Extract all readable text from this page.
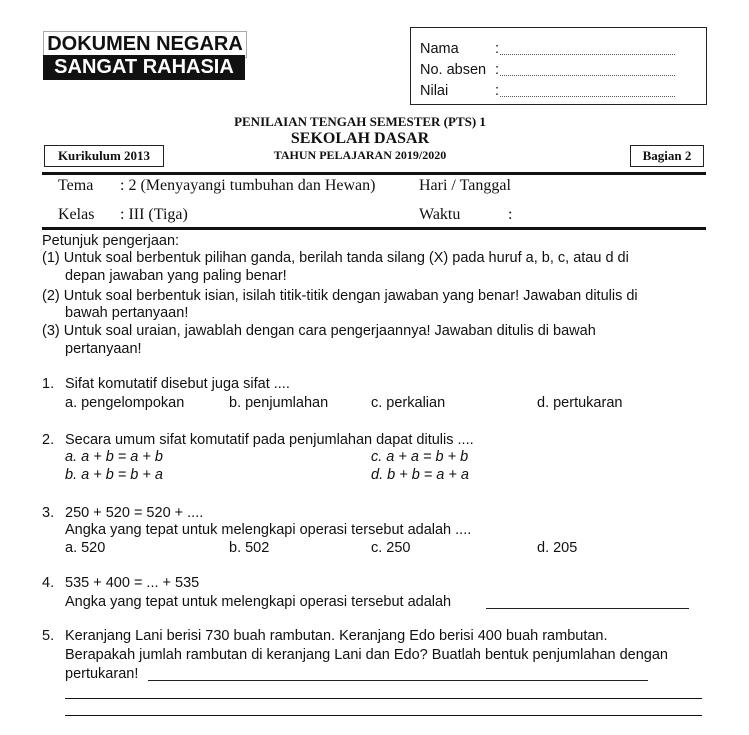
DOKUMEN NEGARA
SANGAT RAHASIA
Nama	:
No. absen :
Nilai	:
PENILAIAN TENGAH SEMESTER (PTS) 1
SEKOLAH DASAR
TAHUN PELAJARAN 2019/2020
Kurikulum 2013	Bagian 2
Tema : 2 (Menyayangi tumbuhan dan Hewan)	Hari / Tanggal
Kelas : III (Tiga)	Waktu	:
Petunjuk pengerjaan:
(1) Untuk soal berbentuk pilihan ganda, berilah tanda silang (X) pada huruf a, b, c, atau d di
depan jawaban yang paling benar!
(2) Untuk soal berbentuk isian, isilah titik-titik dengan jawaban yang benar! Jawaban ditulis di
bawah pertanyaan!
(3) Untuk soal uraian, jawablah dengan cara pengerjaannya! Jawaban ditulis di bawah
pertanyaan!
1. Sifat komutatif disebut juga sifat ....
a. pengelompokan	b. penjumlahan	c. perkalian	d. pertukaran
2. Secara umum sifat komutatif pada penjumlahan dapat ditulis ....
a. a + b = a + b	c. a + a = b + b
b. a + b = b + a	d. b + b = a + a
3. 250 + 520 = 520 + ....
Angka yang tepat untuk melengkapi operasi tersebut adalah ....
a. 520	b. 502	c. 250	d. 205
4. 535 + 400 = ... + 535
Angka yang tepat untuk melengkapi operasi tersebut adalah
5. Keranjang Lani berisi 730 buah rambutan. Keranjang Edo berisi 400 buah rambutan.
Berapakah jumlah rambutan di keranjang Lani dan Edo? Buatlah bentuk penjumlahan dengan
pertukaran!
